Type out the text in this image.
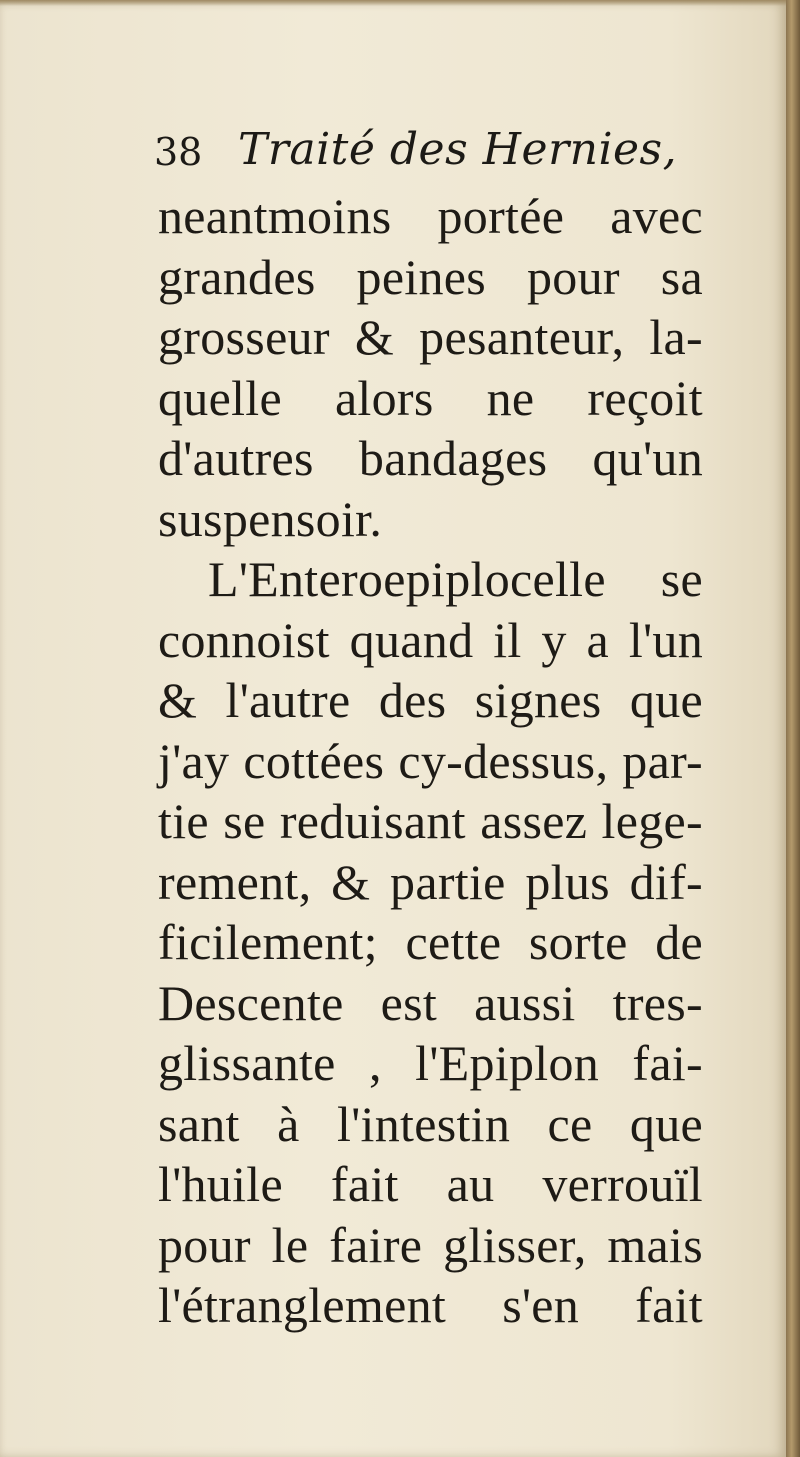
38 Traité des Hernies,
neantmoins portée avec
grandes peines pour sa
grosseur & pesanteur, la-
quelle alors ne reçoit
d'autres bandages qu'un
suspensoir.
L'Enteroepiplocelle se
connoist quand il y a l'un
& l'autre des signes que
j'ay cottées cy-dessus, par-
tie se reduisant assez lege-
rement, & partie plus dif-
ficilement; cette sorte de
Descente est aussi tres-
glissante , l'Epiplon fai-
sant à l'intestin ce que
l'huile fait au verrouïl
pour le faire glisser, mais
l'étranglement s'en fait
